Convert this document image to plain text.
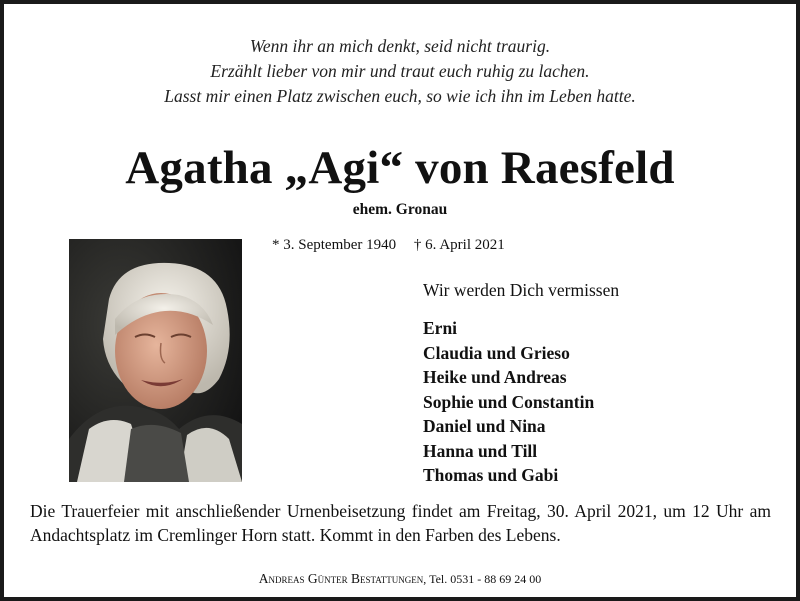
Wenn ihr an mich denkt, seid nicht traurig.
Erzählt lieber von mir und traut euch ruhig zu lachen.
Lasst mir einen Platz zwischen euch, so wie ich ihn im Leben hatte.
Agatha „Agi“ von Raesfeld
ehem. Gronau
* 3. September 1940 † 6. April 2021
Wir werden Dich vermissen
Erni
Claudia und Grieso
Heike und Andreas
Sophie und Constantin
Daniel und Nina
Hanna und Till
Thomas und Gabi
Die Trauerfeier mit anschließender Urnenbeisetzung findet am Freitag, 30. April 2021, um 12 Uhr am Andachtsplatz im Cremlinger Horn statt. Kommt in den Farben des Lebens.
Andreas Günter Bestattungen, Tel. 0531 - 88 69 24 00
